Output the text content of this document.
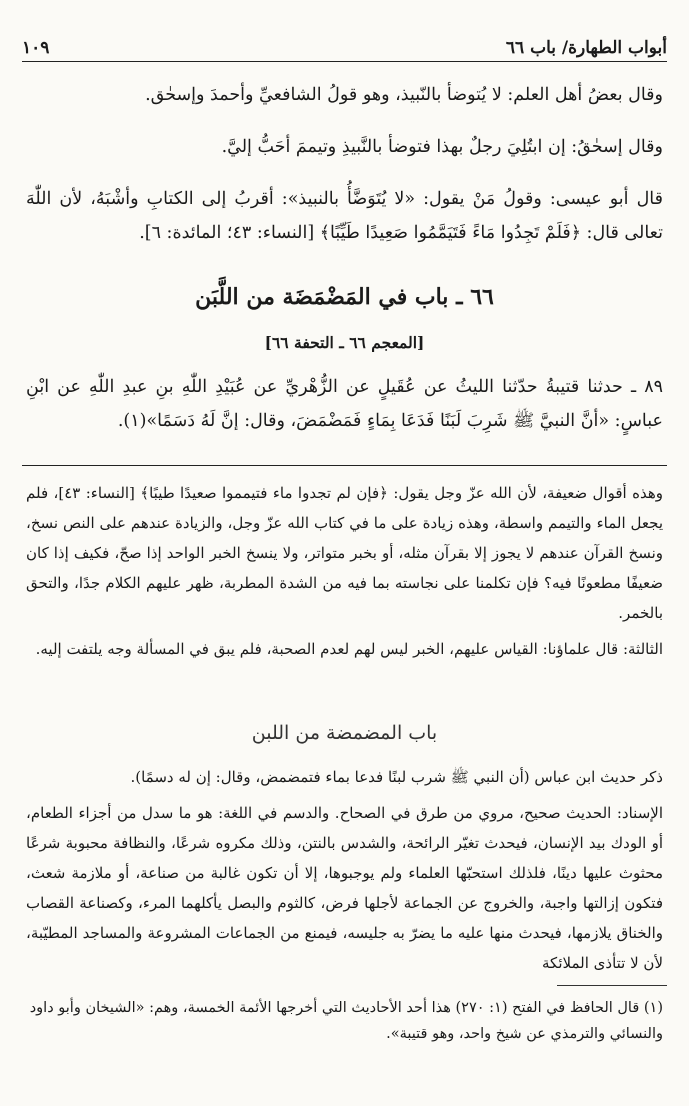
أبواب الطهارة/ باب ٦٦
١٠٩

وقال بعضُ أهل العلم: لا يُتوضأ بالنّبيذ، وهو قولُ الشافعيِّ وأحمدَ وإسحٰق.

وقال إسحٰقُ: إن ابتُلِيَ رجلٌ بهذا فتوضأ بالنَّبيذِ وتيممَ أحَبُّ إليَّ.

قال أبو عيسى: وقولُ مَنْ يقول: «لا يُتَوَضَّأُ بالنبيذ»: أقربُ إلى الكتابِ وأشْبَهُ، لأن اللّٰهَ تعالى قال: ﴿فَلَمْ تَجِدُوا مَاءً فَتَيَمَّمُوا صَعِيدًا طَيِّبًا﴾ [النساء: ٤٣؛ المائدة: ٦].

٦٦ ـ باب في المَضْمَضَة من اللَّبَن
[المعجم ٦٦ ـ التحفة ٦٦]

٨٩ ـ حدثنا قتيبةُ حدّثنا الليثُ عن عُقَيلٍ عن الزُّهْريِّ عن عُبَيْدِ اللّٰهِ بنِ عبدِ اللّٰهِ عن ابْنِ عباسٍ: «أنَّ النبيَّ ﷺ شَرِبَ لَبَنًا فَدَعَا بِمَاءٍ فَمَضْمَضَ، وقال: إنَّ لَهُ دَسَمًا»(١).

وهذه أقوال ضعيفة، لأن الله عزّ وجل يقول: ﴿فإن لم تجدوا ماء فتيمموا صعيدًا طيبًا﴾ [النساء: ٤٣]، فلم يجعل الماء والتيمم واسطة، وهذه زيادة على ما في كتاب الله عزّ وجل، والزيادة عندهم على النص نسخ، ونسخ القرآن عندهم لا يجوز إلا بقرآن مثله، أو بخبر متواتر، ولا ينسخ الخبر الواحد إذا صحّ، فكيف إذا كان ضعيفًا مطعونًا فيه؟ فإن تكلمنا على نجاسته بما فيه من الشدة المطربة، ظهر عليهم الكلام جدًا، والتحق بالخمر.

الثالثة: قال علماؤنا: القياس عليهم، الخبر ليس لهم لعدم الصحبة، فلم يبق في المسألة وجه يلتفت إليه.

باب المضمضة من اللبن

ذكر حديث ابن عباس (أن النبي ﷺ شرب لبنًا فدعا بماء فتمضمض، وقال: إن له دسمًا).

الإسناد: الحديث صحيح، مروي من طرق في الصحاح. والدسم في اللغة: هو ما سدل من أجزاء الطعام، أو الودك بيد الإنسان، فيحدث تغيّر الرائحة، والشدس بالنتن، وذلك مكروه شرعًا، والنظافة محبوبة شرعًا محثوث عليها دينًا، فلذلك استحبّها العلماء ولم يوجبوها، إلا أن تكون غالبة من صناعة، أو ملازمة شعث، فتكون إزالتها واجبة، والخروج عن الجماعة لأجلها فرض، كالثوم والبصل يأكلهما المرء، وكصناعة القصاب والخناق يلازمها، فيحدث منها عليه ما يضرّ به جليسه، فيمنع من الجماعات المشروعة والمساجد المطيّبة، لأن لا تتأذى الملائكة

(١) قال الحافظ في الفتح (١: ٢٧٠) هذا أحد الأحاديث التي أخرجها الأئمة الخمسة، وهم: «الشيخان وأبو داود والنسائي والترمذي عن شيخ واحد، وهو قتيبة».
